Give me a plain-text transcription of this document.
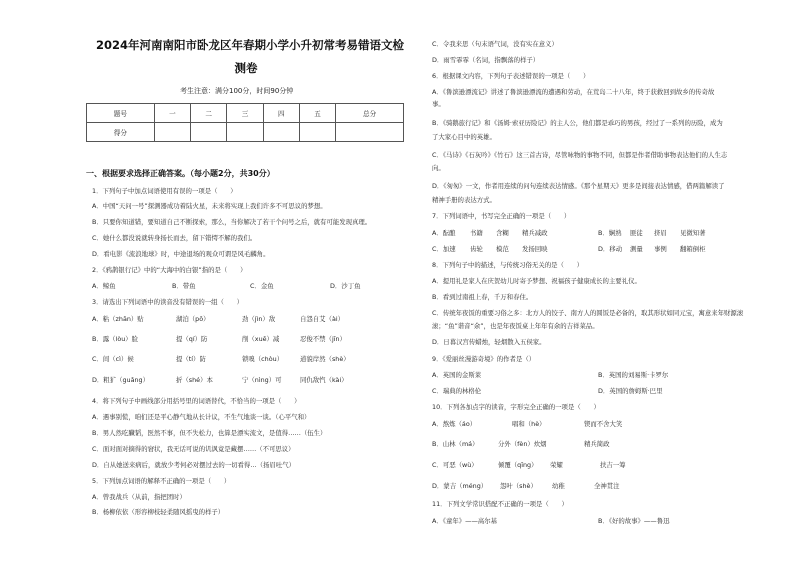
2024年河南南阳市卧龙区年春期小学小升初常考易错语文检
测卷
考生注意：满分100分，时间90分钟
题号	一	二	三	四	五	总分
得分						
一、根据要求选择正确答案。（每小题2分，共30分）
1．下列句子中加点词语使用有误的一项是（　　）
A．中国“天问一号”探测器成功着陆火星，未来将实现上我们许多不可思议的梦想。
B．只要你知道错，要知道自己不断探索，那么，当你解决了若干个问号之后，就有可能发现真理。
C．她什么都没说就转身扬长而去，留下错愕不解的我们。
D．看电影《流浪地球》时，中途退场的观众可谓是风毛麟角。
2．《鸦鹊银行记》中的“大海中的白银”指的是（　　）
A．鲸鱼	B．带鱼	C．金鱼	D．沙丁鱼
3．请选出下列词语中的读音没有错误的一组（　　）
A．粘（zhān）贴	湖泊（pō）	劲（jìn）敌	自怨自艾（ài）
B．露（lòu）脸	提（qí）防	削（xuē）减	忍俊不禁（jīn）
C．间（cì）候	提（tí）防	锁嗅（chòu）	道貌岸然（shè）
D．粗犷（guǎng）	折（shé）本	宁（nìng）可	同仇敌忾（kài）
4．将下列句子中画线部分用括号里的词语替代，不恰当的一项是（　　）
A．遇事别慌，咱们还是平心静气地从长计议，不生气地谈一谈。（心平气和）
B．男人然吃臓韬，医然不事，但不失松力，也算是漂实流文，是值得……（伍生）
C．面对面对摘得的窘状，我无话可说的讥讽竟是藏摆……（不可思议）
D．自从她送来病后，就放少考何必对摆过去的一切看得…（扬眉吐气）
5．下列加点词语的解释不正确的一项是（　　）
A．曾我战兵（从前，指把团时）
B．杨柳依依（形容柳枝轻柔随风摇曳的样子）
C．令我来思（句末语气词，没有实在意义）
D．雨雪霏霏（名词，指飘落的样子）
6．根据课文内容，下列句子表述错误的一项是（　　）
A．《鲁滨逊漂流记》讲述了鲁滨逊漂流的遭遇和劳动，在荒岛二十八年，终于获救回到故乡的传奇故
事。
B．《骑鹅旅行记》和《汤姆·索亚历险记》的主人公，他们都是乖巧的男孩，经过了一系列的历险，成为
了大家心目中的英雄。
C．《马诗》《石灰吟》《竹石》这三首古诗，尽管咏物的事物不同，但都是作者借助事物表达他们的人生志
向。
D．《匆匆》一文，作者用连续的问句连续表达情感。《那个星期天》更多是间接表达情感，借两篇解读了
精神手册的表达方式。
7．下列词语中，书写完全正确的一项是（　　）
A．酝酿 书籍 含糊 精兵减政	B．娴熟 匪徒 挤眉 见微知著
C．加速 齿轮 模范 发扬回映	D．移动 测量 事例 翻箱倒柜
8．下列句子中的描述，与传统习俗无关的是（　　）
A．提用礼是家人在庆贺幼儿时寄予梦想、祝福孩子健康成长的主要礼仪。
B．看到过南祖上春，千万和春住。
C．传统年夜饭的重要习俗之多：北方人的饺子、南方人的圆饭是必备的，取其形状如同元宝，寓意来年财源滚
滚；“鱼”谐音“余”，也是年夜饭桌上年年有余的吉祥菜品。
D．日暮汉宫传蜡烛，轻烟散入五侯家。
9．《爱丽丝漫游奇境》的作者是（）
A．英国的金斯莱	B．英国的刘易斯·卡罗尔
C．瑞典的林格伦	D．英国的詹姆斯·巴里
10．下列各加点字的读音，字形完全正确的一项是（　　）
A．熬炼（áo）	唱和（hè）	锲而不舍大笑
B．山林（má）	分外（fèn）炊烟	精兵简政
C．可恶（wù）	倾覆（qīng） 荣耀	扶吉一筹
D．蒙吉（méng） 怨叶（shè） 幼稚	全神贯注
11．下列文学常识搭配不正确的一项是（　　）
A．《童年》——高尔基	B．《好的故事》——鲁迅
